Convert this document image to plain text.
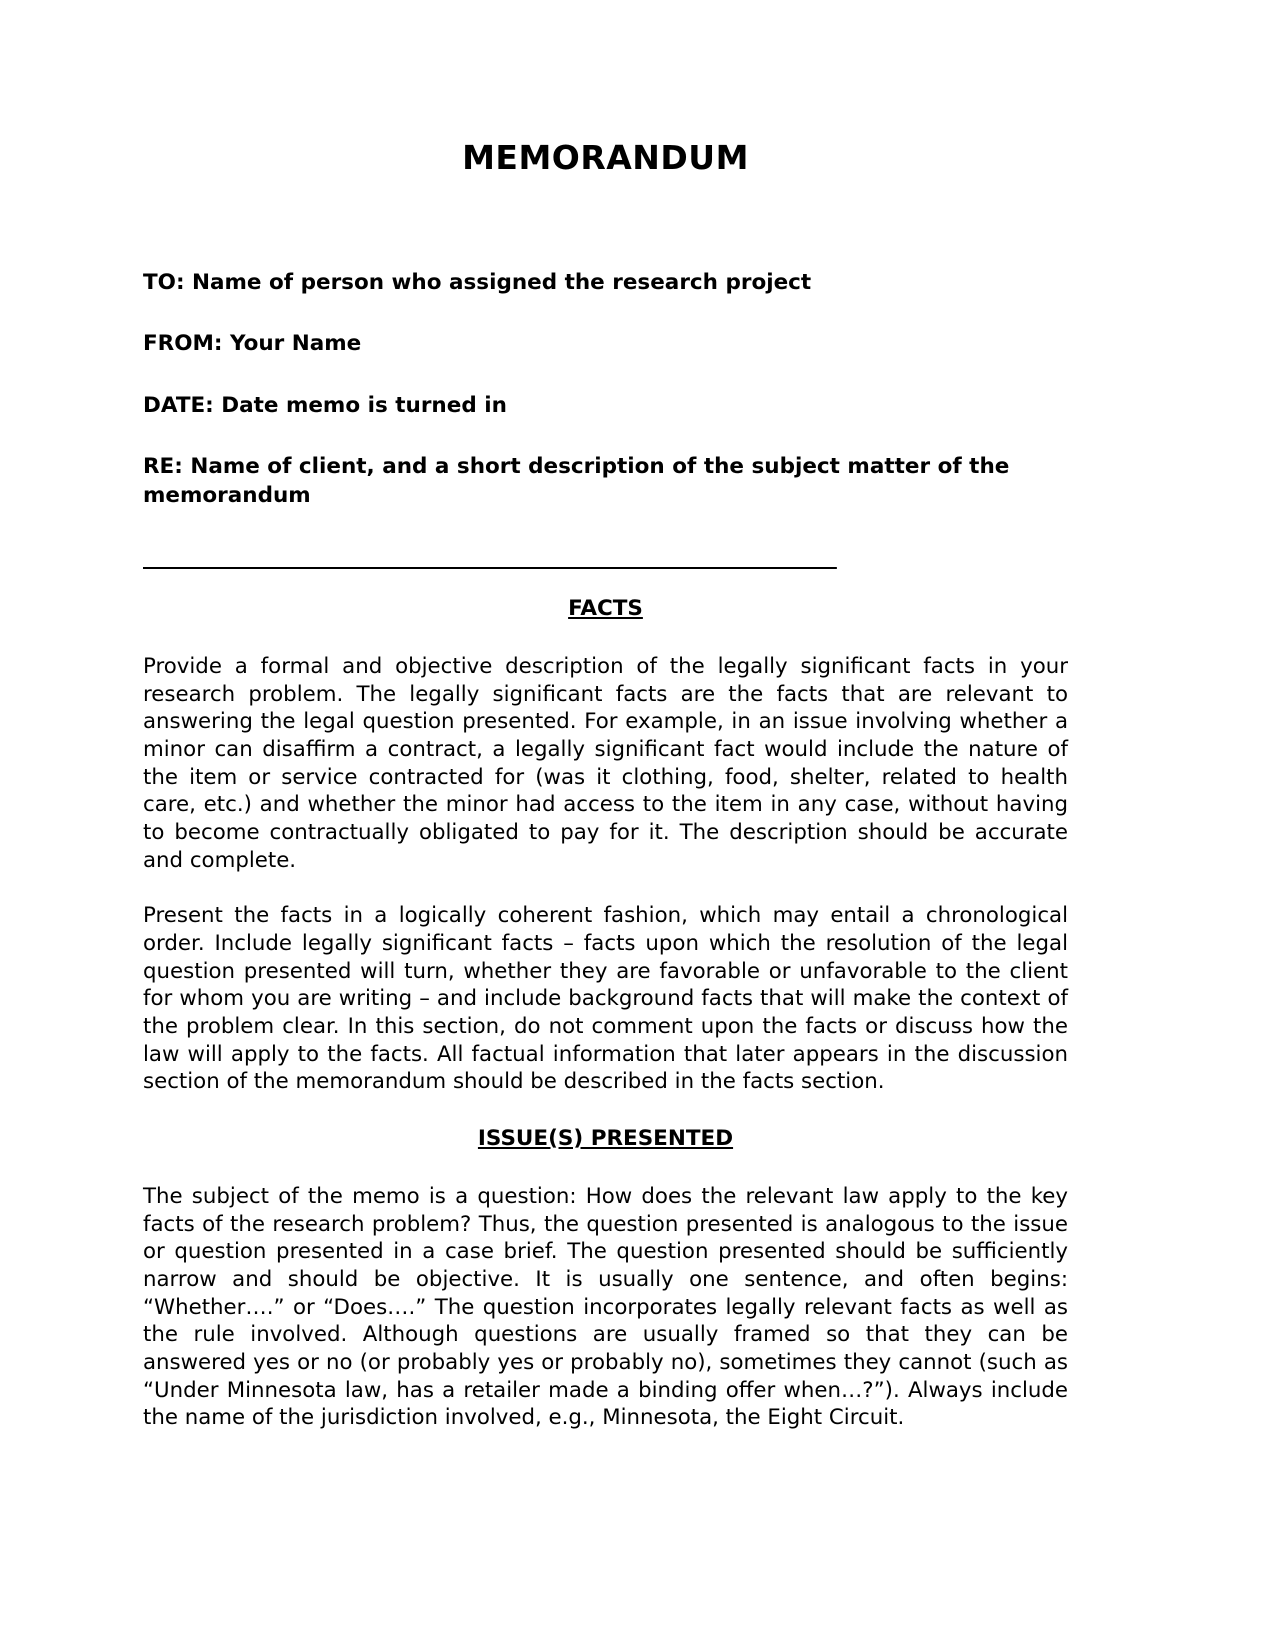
MEMORANDUM

TO: Name of person who assigned the research project

FROM: Your Name

DATE: Date memo is turned in

RE: Name of client, and a short description of the subject matter of the memorandum

___________________________________________________________________
FACTS

Provide a formal and objective description of the legally significant facts in your research problem. The legally significant facts are the facts that are relevant to answering the legal question presented. For example, in an issue involving whether a minor can disaffirm a contract, a legally significant fact would include the nature of the item or service contracted for (was it clothing, food, shelter, related to health care, etc.) and whether the minor had access to the item in any case, without having to become contractually obligated to pay for it. The description should be accurate and complete.

Present the facts in a logically coherent fashion, which may entail a chronological order. Include legally significant facts – facts upon which the resolution of the legal question presented will turn, whether they are favorable or unfavorable to the client for whom you are writing – and include background facts that will make the context of the problem clear. In this section, do not comment upon the facts or discuss how the law will apply to the facts. All factual information that later appears in the discussion section of the memorandum should be described in the facts section.

ISSUE(S) PRESENTED

The subject of the memo is a question: How does the relevant law apply to the key facts of the research problem? Thus, the question presented is analogous to the issue or question presented in a case brief. The question presented should be sufficiently narrow and should be objective. It is usually one sentence, and often begins: “Whether….” or “Does….” The question incorporates legally relevant facts as well as the rule involved. Although questions are usually framed so that they can be answered yes or no (or probably yes or probably no), sometimes they cannot (such as “Under Minnesota law, has a retailer made a binding offer when…?”). Always include the name of the jurisdiction involved, e.g., Minnesota, the Eight Circuit.
